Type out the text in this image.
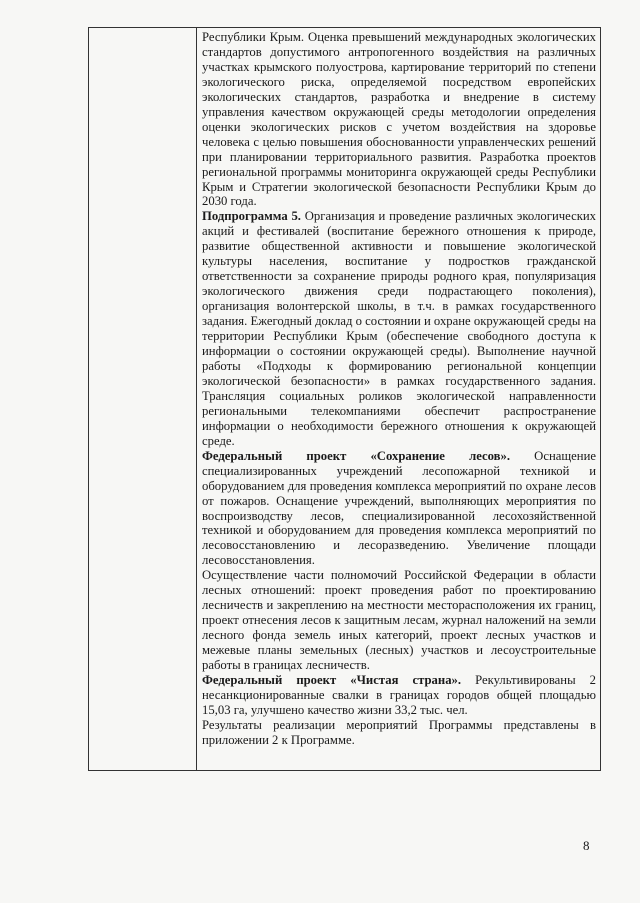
Республики Крым. Оценка превышений международных экологических стандартов допустимого антропогенного воздействия на различных участках крымского полуострова, картирование территорий по степени экологического риска, определяемой посредством европейских экологических стандартов, разработка и внедрение в систему управления качеством окружающей среды методологии определения оценки экологических рисков с учетом воздействия на здоровье человека с целью повышения обоснованности управленческих решений при планировании территориального развития. Разработка проектов региональной программы мониторинга окружающей среды Республики Крым и Стратегии экологической безопасности Республики Крым до 2030 года.

Подпрограмма 5. Организация и проведение различных экологических акций и фестивалей (воспитание бережного отношения к природе, развитие общественной активности и повышение экологической культуры населения, воспитание у подростков гражданской ответственности за сохранение природы родного края, популяризация экологического движения среди подрастающего поколения), организация волонтерской школы, в т.ч. в рамках государственного задания. Ежегодный доклад о состоянии и охране окружающей среды на территории Республики Крым (обеспечение свободного доступа к информации о состоянии окружающей среды). Выполнение научной работы «Подходы к формированию региональной концепции экологической безопасности» в рамках государственного задания. Трансляция социальных роликов экологической направленности региональными телекомпаниями обеспечит распространение информации о необходимости бережного отношения к окружающей среде.

Федеральный проект «Сохранение лесов». Оснащение специализированных учреждений лесопожарной техникой и оборудованием для проведения комплекса мероприятий по охране лесов от пожаров. Оснащение учреждений, выполняющих мероприятия по воспроизводству лесов, специализированной лесохозяйственной техникой и оборудованием для проведения комплекса мероприятий по лесовосстановлению и лесоразведению. Увеличение площади лесовосстановления.

Осуществление части полномочий Российской Федерации в области лесных отношений: проект проведения работ по проектированию лесничеств и закреплению на местности месторасположения их границ, проект отнесения лесов к защитным лесам, журнал наложений на земли лесного фонда земель иных категорий, проект лесных участков и межевые планы земельных (лесных) участков и лесоустроительные работы в границах лесничеств.

Федеральный проект «Чистая страна». Рекультивированы 2 несанкционированные свалки в границах городов общей площадью 15,03 га, улучшено качество жизни 33,2 тыс. чел.

Результаты реализации мероприятий Программы представлены в приложении 2 к Программе.

8
